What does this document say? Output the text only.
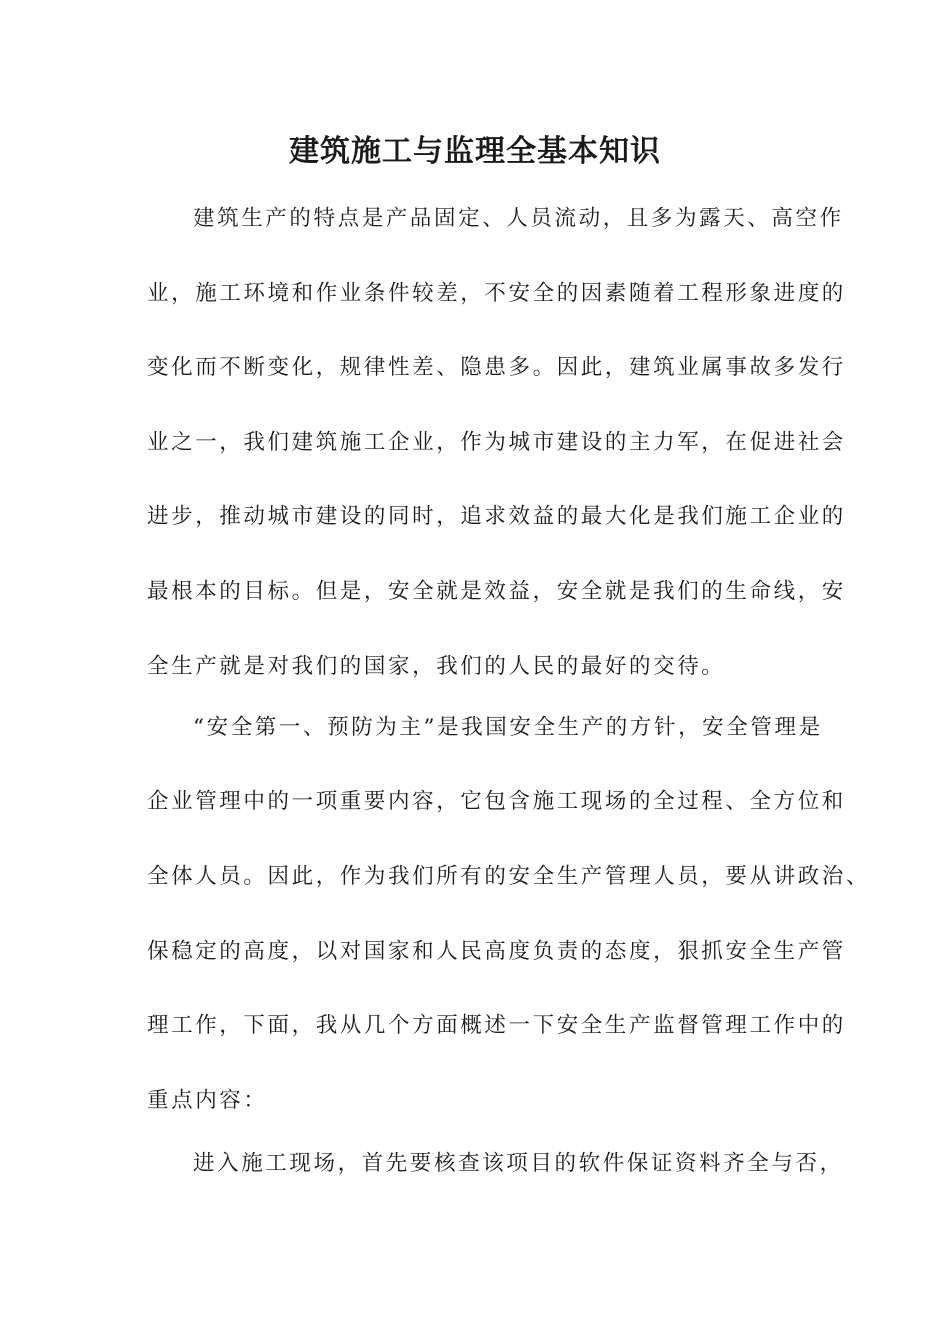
建筑施工与监理全基本知识

建筑生产的特点是产品固定、人员流动，且多为露天、高空作

业，施工环境和作业条件较差，不安全的因素随着工程形象进度的

变化而不断变化，规律性差、隐患多。因此，建筑业属事故多发行

业之一，我们建筑施工企业，作为城市建设的主力军，在促进社会

进步，推动城市建设的同时，追求效益的最大化是我们施工企业的

最根本的目标。但是，安全就是效益，安全就是我们的生命线，安

全生产就是对我们的国家，我们的人民的最好的交待。

“安全第一、预防为主”是我国安全生产的方针，安全管理是

企业管理中的一项重要内容，它包含施工现场的全过程、全方位和

全体人员。因此，作为我们所有的安全生产管理人员，要从讲政治、

保稳定的高度，以对国家和人民高度负责的态度，狠抓安全生产管

理工作，下面，我从几个方面概述一下安全生产监督管理工作中的

重点内容：

进入施工现场，首先要核查该项目的软件保证资料齐全与否，
